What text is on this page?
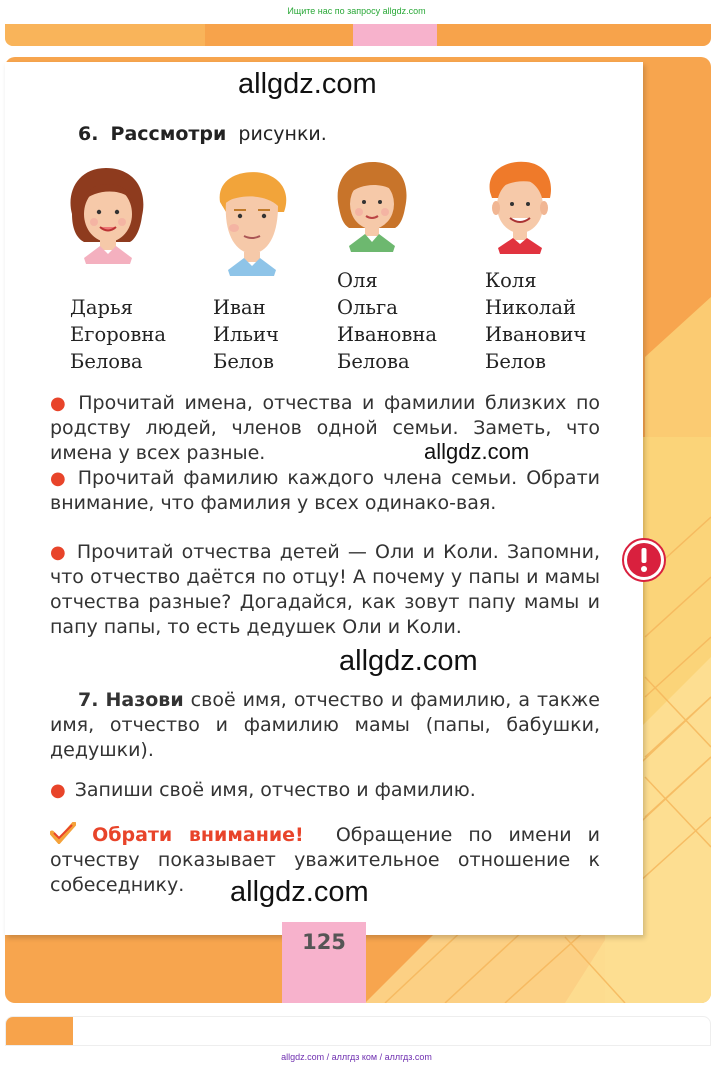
Ищите нас по запросу allgdz.com
allgdz.com
6. Рассмотри рисунки.
Дарья
Егоровна
Белова
Иван
Ильич
Белов
Оля
Ольга
Ивановна
Белова
Коля
Николай
Иванович
Белов
● Прочитай имена, отчества и фамилии близких по родству людей, членов одной семьи. Заметь, что имена у всех разные.	allgdz.com
● Прочитай фамилию каждого члена семьи. Обрати внимание, что фамилия у всех одинако-вая.
● Прочитай отчества детей — Оли и Коли. Запомни, что отчество даётся по отцу! А почему у папы и мамы отчества разные? Догадайся, как зовут папу мамы и папу папы, то есть дедушек Оли и Коли.
allgdz.com
7. Назови своё имя, отчество и фамилию, а также имя, отчество и фамилию мамы (папы, бабушки, дедушки).
● Запиши своё имя, отчество и фамилию.
Обрати внимание! Обращение по имени и отчеству показывает уважительное отношение к собеседнику.	allgdz.com
125
allgdz.com / аллгдз ком / аллгдз.com
